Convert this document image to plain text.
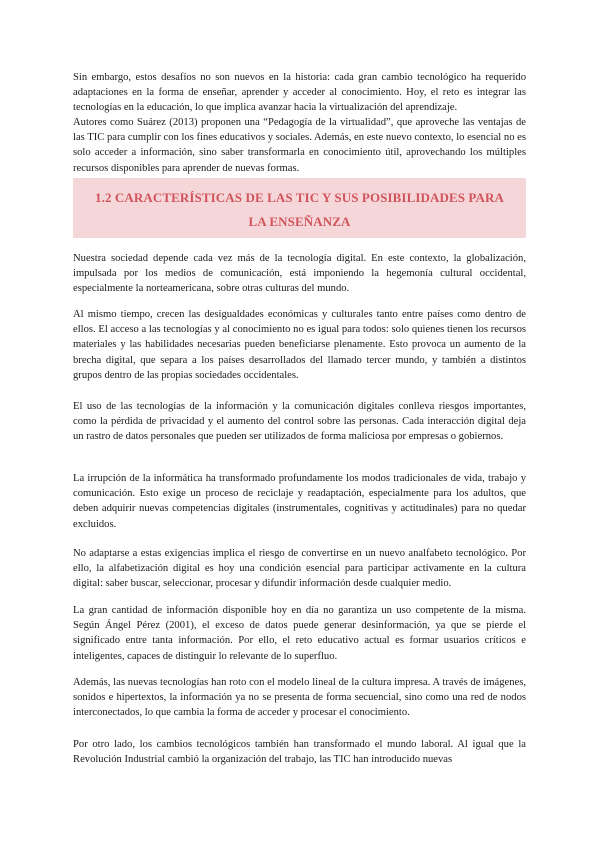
Sin embargo, estos desafíos no son nuevos en la historia: cada gran cambio tecnológico ha requerido adaptaciones en la forma de enseñar, aprender y acceder al conocimiento. Hoy, el reto es integrar las tecnologías en la educación, lo que implica avanzar hacia la virtualización del aprendizaje.

Autores como Suárez (2013) proponen una “Pedagogía de la virtualidad”, que aproveche las ventajas de las TIC para cumplir con los fines educativos y sociales. Además, en este nuevo contexto, lo esencial no es solo acceder a información, sino saber transformarla en conocimiento útil, aprovechando los múltiples recursos disponibles para aprender de nuevas formas.

1.2 CARACTERÍSTICAS DE LAS TIC Y SUS POSIBILIDADES PARA LA ENSEÑANZA

Nuestra sociedad depende cada vez más de la tecnología digital. En este contexto, la globalización, impulsada por los medios de comunicación, está imponiendo la hegemonía cultural occidental, especialmente la norteamericana, sobre otras culturas del mundo.

Al mismo tiempo, crecen las desigualdades económicas y culturales tanto entre países como dentro de ellos. El acceso a las tecnologías y al conocimiento no es igual para todos: solo quienes tienen los recursos materiales y las habilidades necesarias pueden beneficiarse plenamente. Esto provoca un aumento de la brecha digital, que separa a los países desarrollados del llamado tercer mundo, y también a distintos grupos dentro de las propias sociedades occidentales.

El uso de las tecnologías de la información y la comunicación digitales conlleva riesgos importantes, como la pérdida de privacidad y el aumento del control sobre las personas. Cada interacción digital deja un rastro de datos personales que pueden ser utilizados de forma maliciosa por empresas o gobiernos.

La irrupción de la informática ha transformado profundamente los modos tradicionales de vida, trabajo y comunicación. Esto exige un proceso de reciclaje y readaptación, especialmente para los adultos, que deben adquirir nuevas competencias digitales (instrumentales, cognitivas y actitudinales) para no quedar excluidos.

No adaptarse a estas exigencias implica el riesgo de convertirse en un nuevo analfabeto tecnológico. Por ello, la alfabetización digital es hoy una condición esencial para participar activamente en la cultura digital: saber buscar, seleccionar, procesar y difundir información desde cualquier medio.

La gran cantidad de información disponible hoy en día no garantiza un uso competente de la misma. Según Ángel Pérez (2001), el exceso de datos puede generar desinformación, ya que se pierde el significado entre tanta información. Por ello, el reto educativo actual es formar usuarios críticos e inteligentes, capaces de distinguir lo relevante de lo superfluo.

Además, las nuevas tecnologías han roto con el modelo lineal de la cultura impresa. A través de imágenes, sonidos e hipertextos, la información ya no se presenta de forma secuencial, sino como una red de nodos interconectados, lo que cambia la forma de acceder y procesar el conocimiento.

Por otro lado, los cambios tecnológicos también han transformado el mundo laboral. Al igual que la Revolución Industrial cambió la organización del trabajo, las TIC han introducido nuevas
